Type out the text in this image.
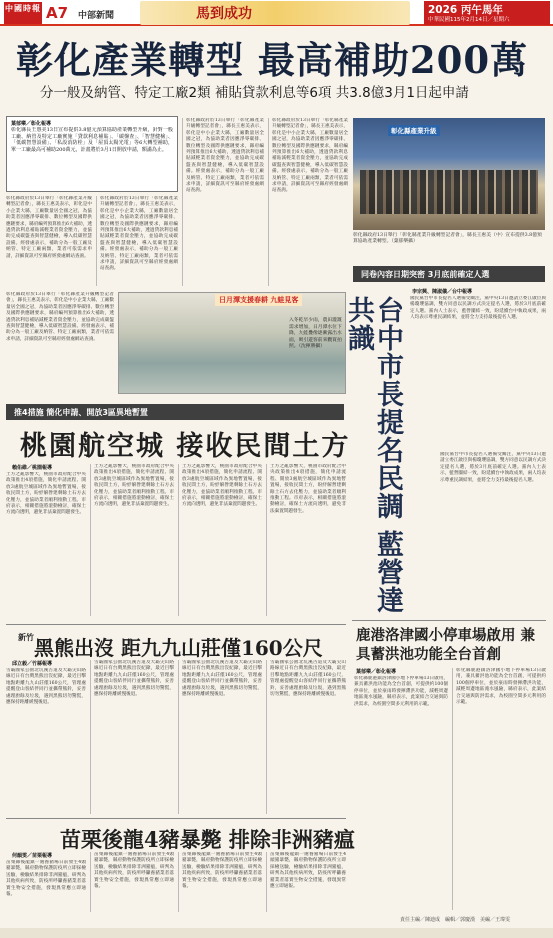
中國時報 A7 中部新聞	馬到成功	2026 丙午馬年
中華民國115年2月14日／星期六
彰化產業轉型 最高補助200萬
分一般及納管、特定工廠2類 補貼貸款利息等6項 共3.8億3月1日起申請
葉郁樂／彰化報導
彰化縣長王惠美13日宣布提供3.8億元預算協助產業轉型升級，針對一般工廠、納管及特定工廠實施「貸款利息補貼」、「碳盤查」、「智慧健檢」、「低碳智慧設備」、「私設消防栓」及「屋頂太陽光電」等6大轉型補助，單一工廠最高可補助200萬元，計畫將於3月1日開放申請，額滿為止。
彰化縣政府於13日舉行「彰化縣產業升級轉型記者會」，縣長王惠美表示，彰化是中小企業大縣，工廠數量居全國之冠，為協助業者因應淨零碳排、數位轉型及國際供應鏈要求，縣府編列預算推出6大補助，透過貸款利息補貼減輕業者資金壓力，並協助完成碳盤查與智慧健檢，導入低碳智慧設備。經發處表示，補助分為一般工廠及納管、特定工廠兩類，業者可依需求申請，詳細資訊可至縣府經發處網站查詢。
彰化縣政府於13日舉行「彰化縣產業升級轉型記者會」，縣長王惠美表示，彰化是中小企業大縣，工廠數量居全國之冠，為協助業者因應淨零碳排、數位轉型及國際供應鏈要求，縣府編列預算推出6大補助，透過貸款利息補貼減輕業者資金壓力，並協助完成碳盤查與智慧健檢，導入低碳智慧設備。經發處表示，補助分為一般工廠及納管、特定工廠兩類，業者可依需求申請，詳細資訊可至縣府經發處網站查詢。
彰化縣政府於13日舉行「彰化縣產業升級轉型記者會」，縣長王惠美表示，彰化是中小企業大縣，工廠數量居全國之冠，為協助業者因應淨零碳排、數位轉型及國際供應鏈要求，縣府編列預算推出6大補助，透過貸款利息補貼減輕業者資金壓力，並協助完成碳盤查與智慧健檢，導入低碳智慧設備。經發處表示，補助分為一般工廠及納管、特定工廠兩類，業者可依需求申請，詳細資訊可至縣府經發處網站查詢。
彰化縣政府於13日舉行「彰化縣產業升級轉型記者會」，縣長王惠美表示，彰化是中小企業大縣，工廠數量居全國之冠，為協助業者因應淨零碳排、數位轉型及國際供應鏈要求，縣府編列預算推出6大補助，透過貸款利息補貼減輕業者資金壓力，並協助完成碳盤查與智慧健檢，導入低碳智慧設備。經發處表示，補助分為一般工廠及納管、特定工廠兩類，業者可依需求申請，詳細資訊可至縣府經發處網站查詢。
彰化縣產業升級
彰化縣政府13日舉行「彰化縣產業升級轉型記者會」，縣長王惠美（中）宣布提供3.8億預算協助產業轉型。（葉郁樂攝）
彰化縣政府於13日舉行「彰化縣產業升級轉型記者會」，縣長王惠美表示，彰化是中小企業大縣，工廠數量居全國之冠，為協助業者因應淨零碳排、數位轉型及國際供應鏈要求，縣府編列預算推出6大補助，透過貸款利息補貼減輕業者資金壓力，並協助完成碳盤查與智慧健檢，導入低碳智慧設備。經發處表示，補助分為一般工廠及納管、特定工廠兩類，業者可依需求申請，詳細資訊可至縣府經發處網站查詢。
日月潭支援春耕 九蛙見客
入冬乾旱少雨，農田灌溉需求增加，日月潭水位下降，九蛙疊像逐漸露出水面，吸引遊客前來觀賞拍照。（沈揮勝攝）
推4措施 簡化申請、開放3區異地暫置
桃園航空城 接收民間土方
賴佑維／桃園報導
土方之亂影響大，桃園市政府配合中央政策推出4項措施，簡化申請流程、開放3處航空城區域作為異地暫置場，接收民間土方，盼紓解營建剩餘土石方去化壓力，並協助業者順利推動工程。市府表示，相關措施將滾動檢討，確保土方流向透明，避免非法棄置問題發生。
土方之亂影響大，桃園市政府配合中央政策推出4項措施，簡化申請流程、開放3處航空城區域作為異地暫置場，接收民間土方，盼紓解營建剩餘土石方去化壓力，並協助業者順利推動工程。市府表示，相關措施將滾動檢討，確保土方流向透明，避免非法棄置問題發生。
土方之亂影響大，桃園市政府配合中央政策推出4項措施，簡化申請流程、開放3處航空城區域作為異地暫置場，接收民間土方，盼紓解營建剩餘土石方去化壓力，並協助業者順利推動工程。市府表示，相關措施將滾動檢討，確保土方流向透明，避免非法棄置問題發生。
土方之亂影響大，桃園市政府配合中央政策推出4項措施，簡化申請流程、開放3處航空城區域作為異地暫置場，接收民間土方，盼紓解營建剩餘土石方去化壓力，並協助業者順利推動工程。市府表示，相關措施將滾動檢討，確保土方流向透明，避免非法棄置問題發生。
同卷內容日期突密 3月底前確定人選
台中市長提名民調 藍營達共識
李宗興、陳淑儀／台中報導
國民黨台中市長提名人選備受關注，黨中央13日邀請立委江啟臣與楊瓊瓔協調，雙方同意以民調方式決定提名人選，將於3月底前確定人選。黨內人士表示，藍營團結一致，盼延續台中執政成果，兩人均表示尊重民調結果，並將全力支持最後提名人選。
國民黨台中市長提名人選備受關注，黨中央13日邀請立委江啟臣與楊瓊瓔協調，雙方同意以民調方式決定提名人選，將於3月底前確定人選。黨內人士表示，藍營團結一致，盼延續台中執政成果，兩人均表示尊重民調結果，並將全力支持最後提名人選。
$^{新竹}$黑熊出沒 距九九山莊僅160公尺
邱立毅／竹縣報導
雪霸國家公園北坑溪古道及大霸尖山路線近日有台灣黑熊出沒紀錄，最近目擊地點距離九九山莊僅160公尺，管理處提醒登山客結伴同行並攜帶熊鈴，妥善處理廚餘及垃圾，遇到黑熊切勿驚慌，應保持距離緩慢後退。
雪霸國家公園北坑溪古道及大霸尖山路線近日有台灣黑熊出沒紀錄，最近目擊地點距離九九山莊僅160公尺，管理處提醒登山客結伴同行並攜帶熊鈴，妥善處理廚餘及垃圾，遇到黑熊切勿驚慌，應保持距離緩慢後退。
雪霸國家公園北坑溪古道及大霸尖山路線近日有台灣黑熊出沒紀錄，最近目擊地點距離九九山莊僅160公尺，管理處提醒登山客結伴同行並攜帶熊鈴，妥善處理廚餘及垃圾，遇到黑熊切勿驚慌，應保持距離緩慢後退。
雪霸國家公園北坑溪古道及大霸尖山路線近日有台灣黑熊出沒紀錄，最近目擊地點距離九九山莊僅160公尺，管理處提醒登山客結伴同行並攜帶熊鈴，妥善處理廚餘及垃圾，遇到黑熊切勿驚慌，應保持距離緩慢後退。
苗栗後龍4豬暴斃 排除非洲豬瘟
何韻雯／苗栗報導
苗栗縣後龍鎮一處養豬場日前發生4頭豬暴斃，縣府動物保護防疫所立即採檢送驗，檢驗結果排除非洲豬瘟，研判為其他疾病所致，防疫所呼籲養豬業者落實生物安全措施，發現異常應立即通報。
苗栗縣後龍鎮一處養豬場日前發生4頭豬暴斃，縣府動物保護防疫所立即採檢送驗，檢驗結果排除非洲豬瘟，研判為其他疾病所致，防疫所呼籲養豬業者落實生物安全措施，發現異常應立即通報。
苗栗縣後龍鎮一處養豬場日前發生4頭豬暴斃，縣府動物保護防疫所立即採檢送驗，檢驗結果排除非洲豬瘟，研判為其他疾病所致，防疫所呼籲養豬業者落實生物安全措施，發現異常應立即通報。
苗栗縣後龍鎮一處養豬場日前發生4頭豬暴斃，縣府動物保護防疫所立即採檢送驗，檢驗結果排除非洲豬瘟，研判為其他疾病所致，防疫所呼籲養豬業者落實生物安全措施，發現異常應立即通報。
鹿港洛津國小停車場啟用 兼具蓄洪池功能全台首創
葉郁樂／彰化報導
彰化縣鹿港鎮洛津國小地下停車場13日啟用，兼具蓄洪池功能為全台首創，可提供約100個停車位，並於豪雨時發揮滯洪功能，減輕周邊地區淹水風險，縣府表示，此案結合交通與防洪需求，為校園空間多元利用的示範。
彰化縣鹿港鎮洛津國小地下停車場13日啟用，兼具蓄洪池功能為全台首創，可提供約100個停車位，並於豪雨時發揮滯洪功能，減輕周邊地區淹水風險，縣府表示，此案結合交通與防洪需求，為校園空間多元利用的示範。
責任主編／陳迪成　編輯／郭慶漢　美編／王瑋雯
